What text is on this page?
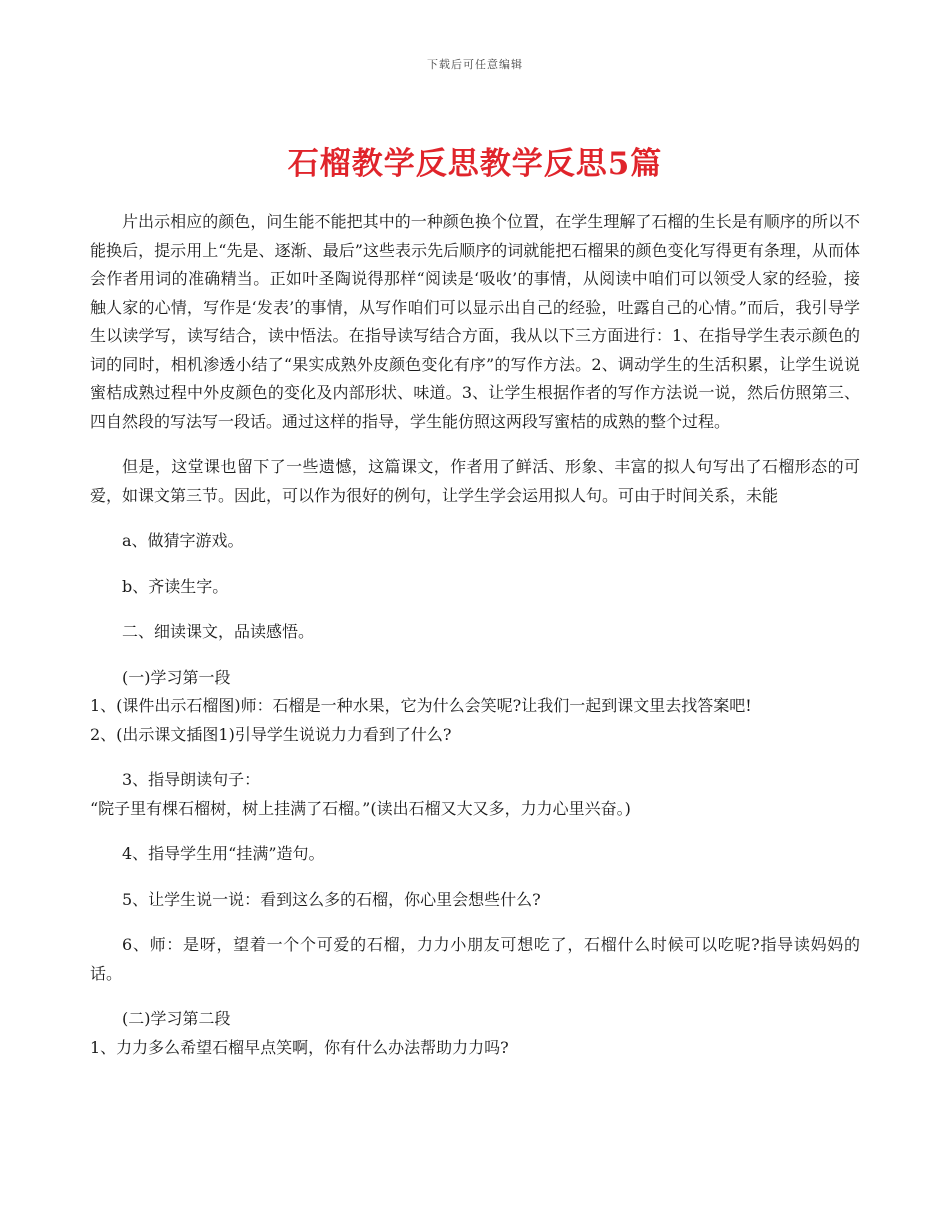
下载后可任意编辑
石榴教学反思教学反思5篇

片出示相应的颜色，问生能不能把其中的一种颜色换个位置，在学生理解了石榴的生长是有顺序的所以不能换后，提示用上“先是、逐渐、最后”这些表示先后顺序的词就能把石榴果的颜色变化写得更有条理，从而体会作者用词的准确精当。正如叶圣陶说得那样“阅读是‘吸收’的事情，从阅读中咱们可以领受人家的经验，接触人家的心情，写作是‘发表’的事情，从写作咱们可以显示出自己的经验，吐露自己的心情。”而后，我引导学生以读学写，读写结合，读中悟法。在指导读写结合方面，我从以下三方面进行：1、在指导学生表示颜色的词的同时，相机渗透小结了“果实成熟外皮颜色变化有序”的写作方法。2、调动学生的生活积累，让学生说说蜜桔成熟过程中外皮颜色的变化及内部形状、味道。3、让学生根据作者的写作方法说一说，然后仿照第三、四自然段的写法写一段话。通过这样的指导，学生能仿照这两段写蜜桔的成熟的整个过程。

但是，这堂课也留下了一些遗憾，这篇课文，作者用了鲜活、形象、丰富的拟人句写出了石榴形态的可爱，如课文第三节。因此，可以作为很好的例句，让学生学会运用拟人句。可由于时间关系，未能

a、做猜字游戏。

b、齐读生字。

二、细读课文，品读感悟。

(一)学习第一段

1、(课件出示石榴图)师：石榴是一种水果，它为什么会笑呢?让我们一起到课文里去找答案吧!

2、(出示课文插图1)引导学生说说力力看到了什么?

3、指导朗读句子：

“院子里有棵石榴树，树上挂满了石榴。”(读出石榴又大又多，力力心里兴奋。)

4、指导学生用“挂满”造句。

5、让学生说一说：看到这么多的石榴，你心里会想些什么?

6、师：是呀，望着一个个可爱的石榴，力力小朋友可想吃了，石榴什么时候可以吃呢?指导读妈妈的话。

(二)学习第二段

1、力力多么希望石榴早点笑啊，你有什么办法帮助力力吗?
